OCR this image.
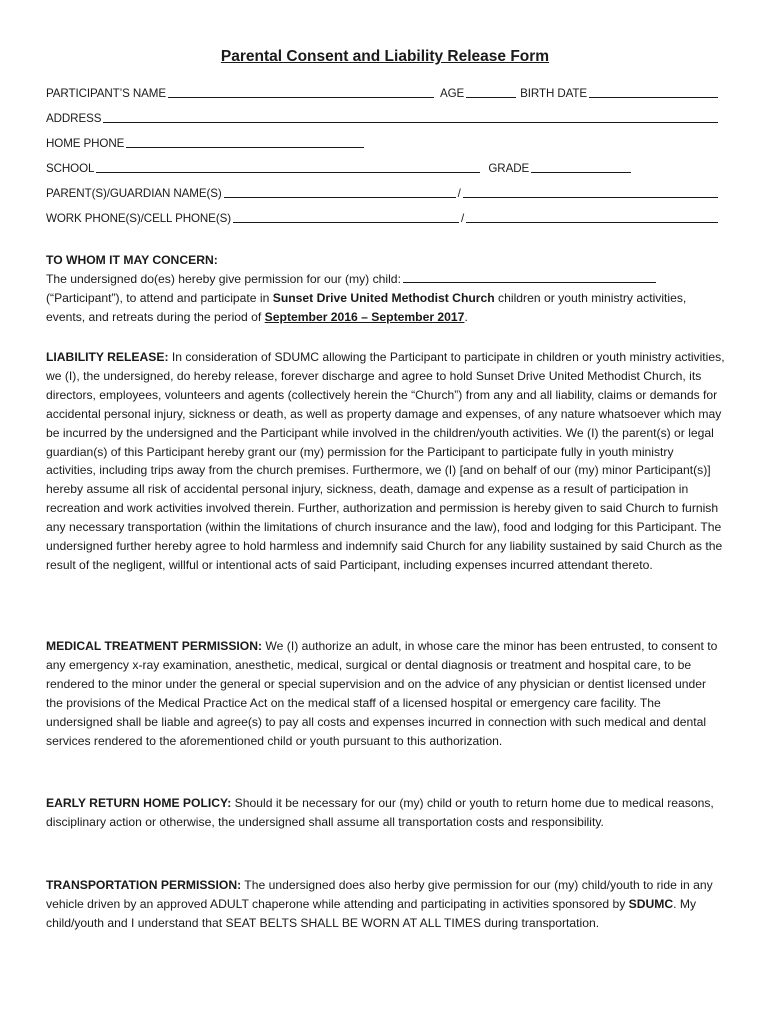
Parental Consent and Liability Release Form
PARTICIPANT’S NAME	AGE	BIRTH DATE
ADDRESS
HOME PHONE
SCHOOL	GRADE
PARENT(S)/GUARDIAN NAME(S)	/
WORK PHONE(S)/CELL PHONE(S)	/
TO WHOM IT MAY CONCERN:
The undersigned do(es) hereby give permission for our (my) child:
(“Participant”), to attend and participate in Sunset Drive United Methodist Church children or youth ministry activities, events, and retreats during the period of September 2016 – September 2017.
LIABILITY RELEASE: In consideration of SDUMC allowing the Participant to participate in children or youth ministry activities, we (I), the undersigned, do hereby release, forever discharge and agree to hold Sunset Drive United Methodist Church, its directors, employees, volunteers and agents (collectively herein the “Church”) from any and all liability, claims or demands for accidental personal injury, sickness or death, as well as property damage and expenses, of any nature whatsoever which may be incurred by the undersigned and the Participant while involved in the children/youth activities. We (I) the parent(s) or legal guardian(s) of this Participant hereby grant our (my) permission for the Participant to participate fully in youth ministry activities, including trips away from the church premises. Furthermore, we (I) [and on behalf of our (my) minor Participant(s)] hereby assume all risk of accidental personal injury, sickness, death, damage and expense as a result of participation in recreation and work activities involved therein. Further, authorization and permission is hereby given to said Church to furnish any necessary transportation (within the limitations of church insurance and the law), food and lodging for this Participant. The undersigned further hereby agree to hold harmless and indemnify said Church for any liability sustained by said Church as the result of the negligent, willful or intentional acts of said Participant, including expenses incurred attendant thereto.
MEDICAL TREATMENT PERMISSION: We (I) authorize an adult, in whose care the minor has been entrusted, to consent to any emergency x-ray examination, anesthetic, medical, surgical or dental diagnosis or treatment and hospital care, to be rendered to the minor under the general or special supervision and on the advice of any physician or dentist licensed under the provisions of the Medical Practice Act on the medical staff of a licensed hospital or emergency care facility. The undersigned shall be liable and agree(s) to pay all costs and expenses incurred in connection with such medical and dental services rendered to the aforementioned child or youth pursuant to this authorization.
EARLY RETURN HOME POLICY: Should it be necessary for our (my) child or youth to return home due to medical reasons, disciplinary action or otherwise, the undersigned shall assume all transportation costs and responsibility.
TRANSPORTATION PERMISSION: The undersigned does also herby give permission for our (my) child/youth to ride in any vehicle driven by an approved ADULT chaperone while attending and participating in activities sponsored by SDUMC. My child/youth and I understand that SEAT BELTS SHALL BE WORN AT ALL TIMES during transportation.
